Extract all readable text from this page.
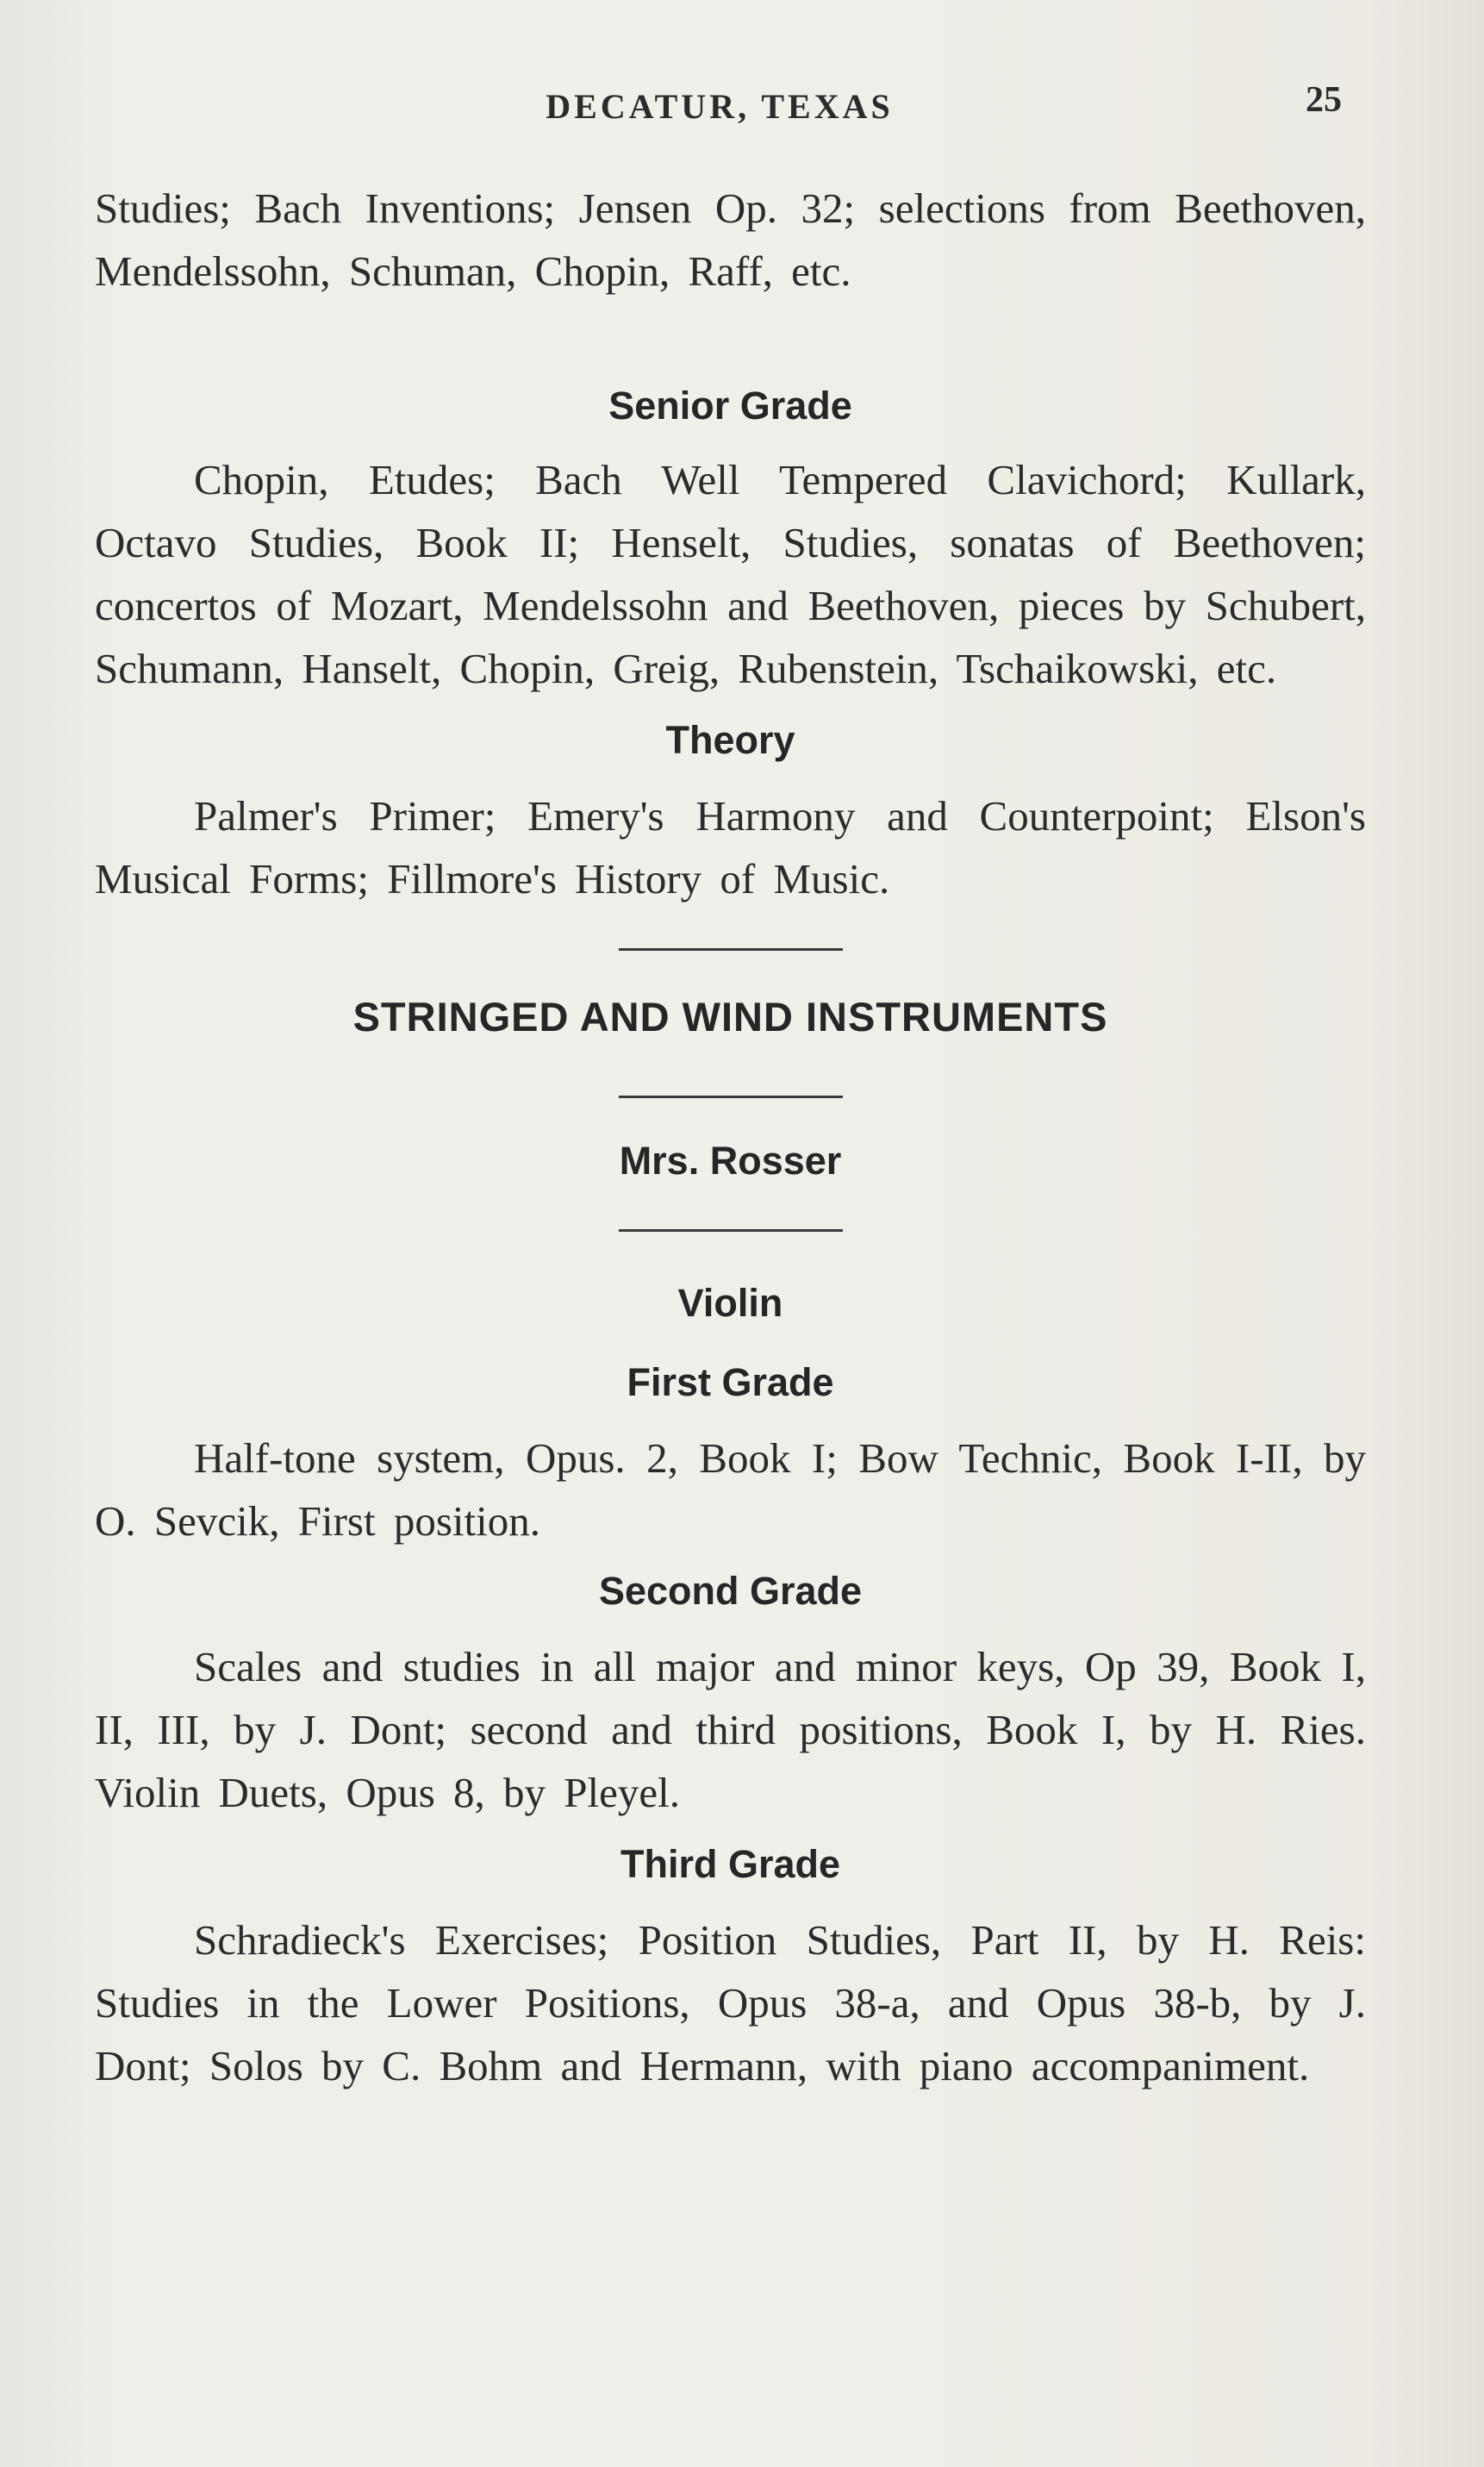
DECATUR, TEXAS	25

Studies; Bach Inventions; Jensen Op. 32; selections from Beethoven, Mendelssohn, Schuman, Chopin, Raff, etc.

Senior Grade

Chopin, Etudes; Bach Well Tempered Clavichord; Kullark, Octavo Studies, Book II; Henselt, Studies, sonatas of Beethoven; concertos of Mozart, Mendelssohn and Beethoven, pieces by Schubert, Schumann, Hanselt, Chopin, Greig, Rubenstein, Tschaikowski, etc.

Theory

Palmer's Primer; Emery's Harmony and Counterpoint; Elson's Musical Forms; Fillmore's History of Music.

STRINGED AND WIND INSTRUMENTS
Mrs. Rosser
Violin
First Grade

Half-tone system, Opus. 2, Book I; Bow Technic, Book I-II, by O. Sevcik, First position.

Second Grade

Scales and studies in all major and minor keys, Op 39, Book I, II, III, by J. Dont; second and third positions, Book I, by H. Ries. Violin Duets, Opus 8, by Pleyel.

Third Grade

Schradieck's Exercises; Position Studies, Part II, by H. Reis: Studies in the Lower Positions, Opus 38-a, and Opus 38-b, by J. Dont; Solos by C. Bohm and Hermann, with piano accompaniment.
